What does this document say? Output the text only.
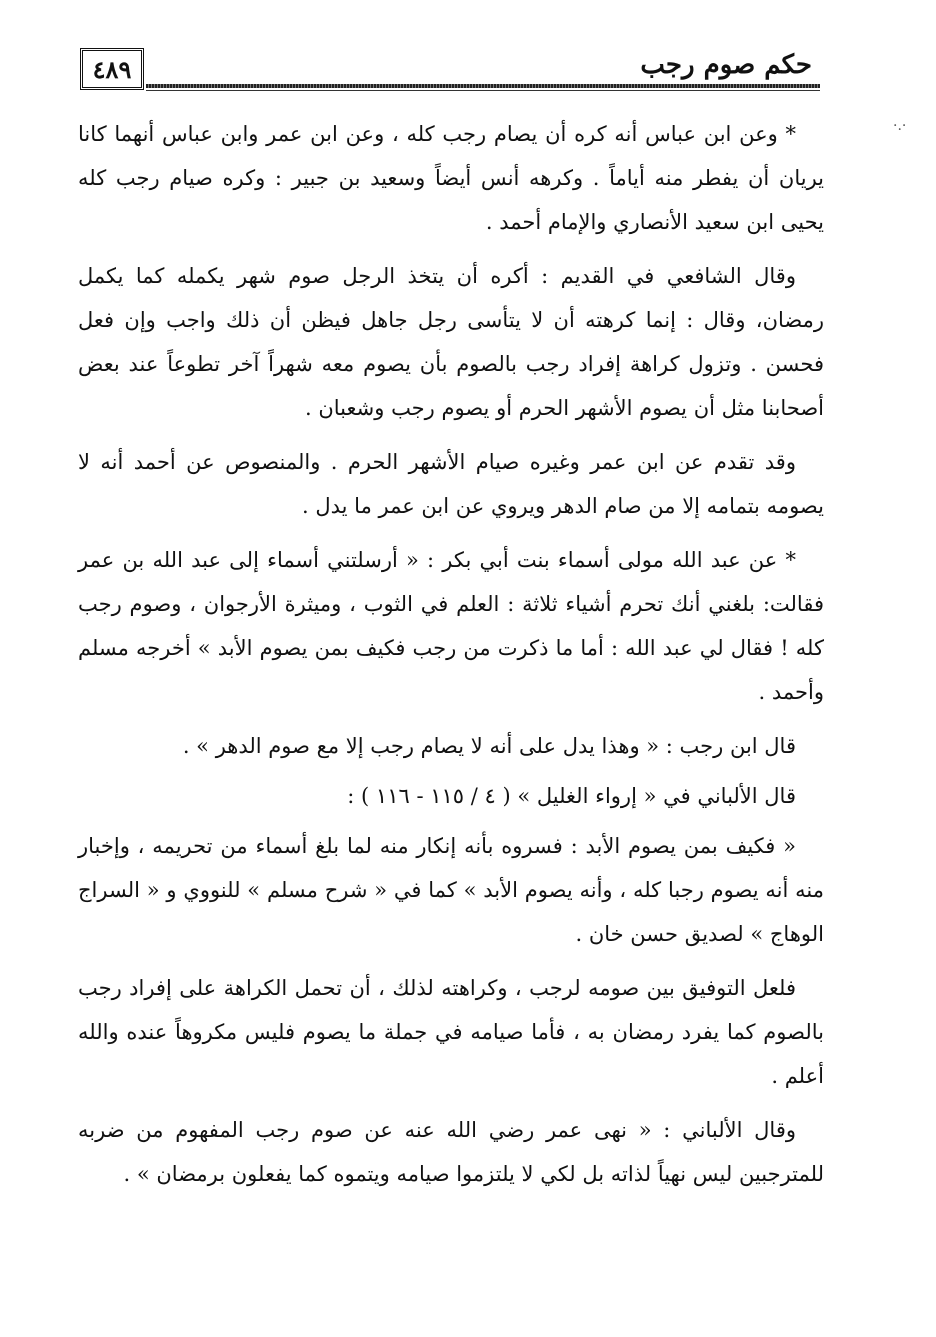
٤٨٩	حكم صوم رجب
·.·

* وعن ابن عباس أنه كره أن يصام رجب كله ، وعن ابن عمر وابن عباس أنهما كانا يريان أن يفطر منه أياماً . وكرهه أنس أيضاً وسعيد بن جبير : وكره صيام رجب كله يحيى ابن سعيد الأنصاري والإمام أحمد .

وقال الشافعي في القديم : أكره أن يتخذ الرجل صوم شهر يكمله كما يكمل رمضان، وقال : إنما كرهته أن لا يتأسى رجل جاهل فيظن أن ذلك واجب وإن فعل فحسن . وتزول كراهة إفراد رجب بالصوم بأن يصوم معه شهراً آخر تطوعاً عند بعض أصحابنا مثل أن يصوم الأشهر الحرم أو يصوم رجب وشعبان .

وقد تقدم عن ابن عمر وغيره صيام الأشهر الحرم . والمنصوص عن أحمد أنه لا يصومه بتمامه إلا من صام الدهر ويروي عن ابن عمر ما يدل .

* عن عبد الله مولى أسماء بنت أبي بكر : « أرسلتني أسماء إلى عبد الله بن عمر فقالت: بلغني أنك تحرم أشياء ثلاثة : العلم في الثوب ، وميثرة الأرجوان ، وصوم رجب كله ! فقال لي عبد الله : أما ما ذكرت من رجب فكيف بمن يصوم الأبد » أخرجه مسلم وأحمد .

قال ابن رجب : « وهذا يدل على أنه لا يصام رجب إلا مع صوم الدهر » .

قال الألباني في « إرواء الغليل » ( ٤ / ١١٥ - ١١٦ ) :

« فكيف بمن يصوم الأبد : فسروه بأنه إنكار منه لما بلغ أسماء من تحريمه ، وإخبار منه أنه يصوم رجبا كله ، وأنه يصوم الأبد » كما في « شرح مسلم » للنووي و « السراج الوهاج » لصديق حسن خان .

فلعل التوفيق بين صومه لرجب ، وكراهته لذلك ، أن تحمل الكراهة على إفراد رجب بالصوم كما يفرد رمضان به ، فأما صيامه في جملة ما يصوم فليس مكروهاً عنده والله أعلم .

وقال الألباني : « نهى عمر رضي الله عنه عن صوم رجب المفهوم من ضربه للمترجبين ليس نهياً لذاته بل لكي لا يلتزموا صيامه ويتموه كما يفعلون برمضان » .
